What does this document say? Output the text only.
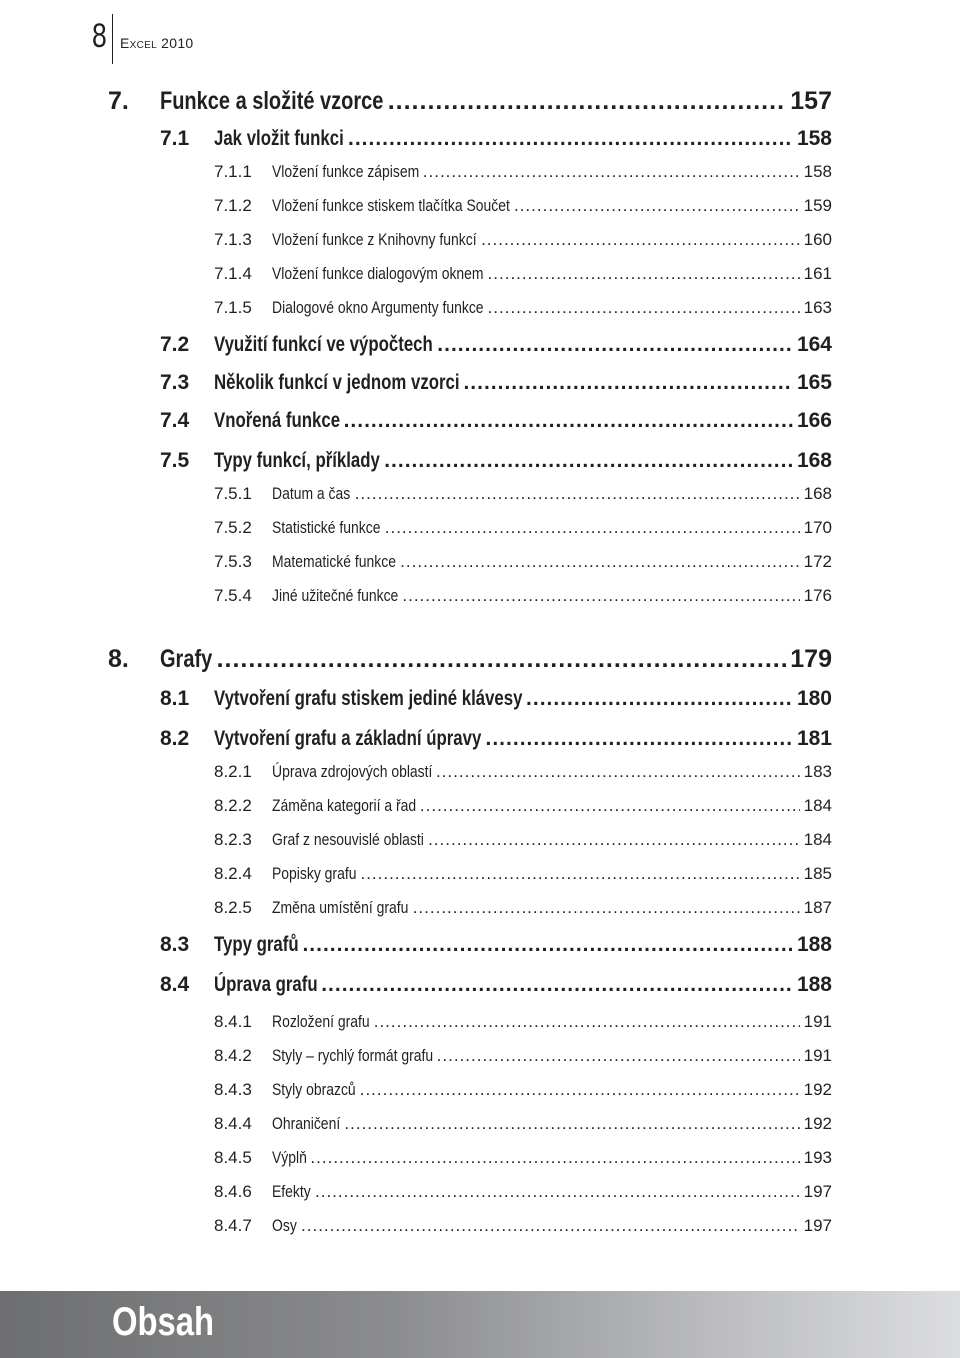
8 Excel 2010
7.	Funkce a složité vzorce .....	157
7.1	Jak vložit funkci .....	158
7.1.1	Vložení funkce zápisem .....	158
7.1.2	Vložení funkce stiskem tlačítka Součet .....	159
7.1.3	Vložení funkce z Knihovny funkcí .....	160
7.1.4	Vložení funkce dialogovým oknem .....	161
7.1.5	Dialogové okno Argumenty funkce .....	163
7.2	Využití funkcí ve výpočtech .....	164
7.3	Několik funkcí v jednom vzorci .....	165
7.4	Vnořená funkce .....	166
7.5	Typy funkcí, příklady .....	168
7.5.1	Datum a čas .....	168
7.5.2	Statistické funkce .....	170
7.5.3	Matematické funkce .....	172
7.5.4	Jiné užitečné funkce .....	176
8.	Grafy .....	179
8.1	Vytvoření grafu stiskem jediné klávesy .....	180
8.2	Vytvoření grafu a základní úpravy .....	181
8.2.1	Úprava zdrojových oblastí .....	183
8.2.2	Záměna kategorií a řad .....	184
8.2.3	Graf z nesouvislé oblasti .....	184
8.2.4	Popisky grafu .....	185
8.2.5	Změna umístění grafu .....	187
8.3	Typy grafů .....	188
8.4	Úprava grafu .....	188
8.4.1	Rozložení grafu .....	191
8.4.2	Styly – rychlý formát grafu .....	191
8.4.3	Styly obrazců .....	192
8.4.4	Ohraničení .....	192
8.4.5	Výplň .....	193
8.4.6	Efekty .....	197
8.4.7	Osy .....	197
Obsah
